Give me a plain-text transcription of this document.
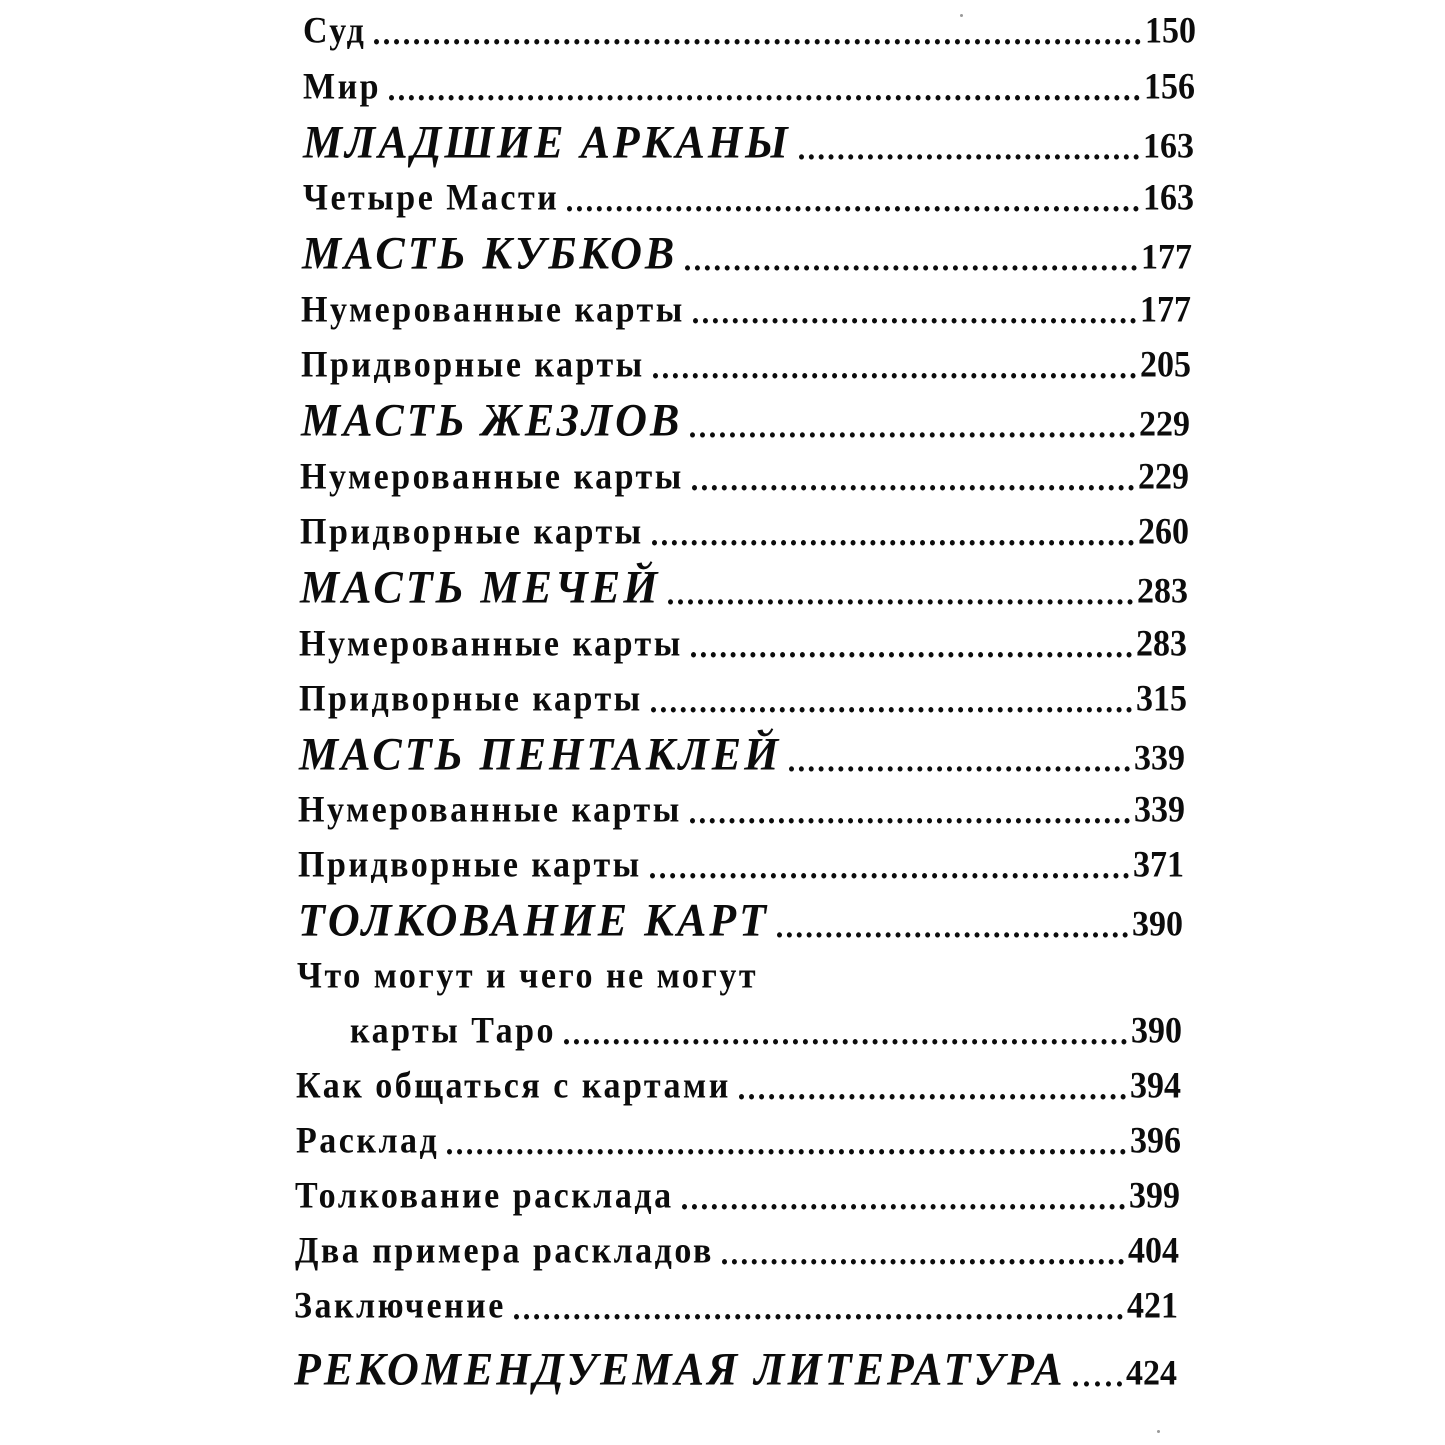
Суд	150
Мир	156
МЛАДШИЕ АРКАНЫ	163
Четыре Масти	163
МАСТЬ КУБКОВ	177
Нумерованные карты	177
Придворные карты	205
МАСТЬ ЖЕЗЛОВ	229
Нумерованные карты	229
Придворные карты	260
МАСТЬ МЕЧЕЙ	283
Нумерованные карты	283
Придворные карты	315
МАСТЬ ПЕНТАКЛЕЙ	339
Нумерованные карты	339
Придворные карты	371
ТОЛКОВАНИЕ КАРТ	390
Что могут и чего не могут
карты Таро	390
Как общаться с картами	394
Расклад	396
Толкование расклада	399
Два примера раскладов	404
Заключение	421
РЕКОМЕНДУЕМАЯ ЛИТЕРАТУРА 424
